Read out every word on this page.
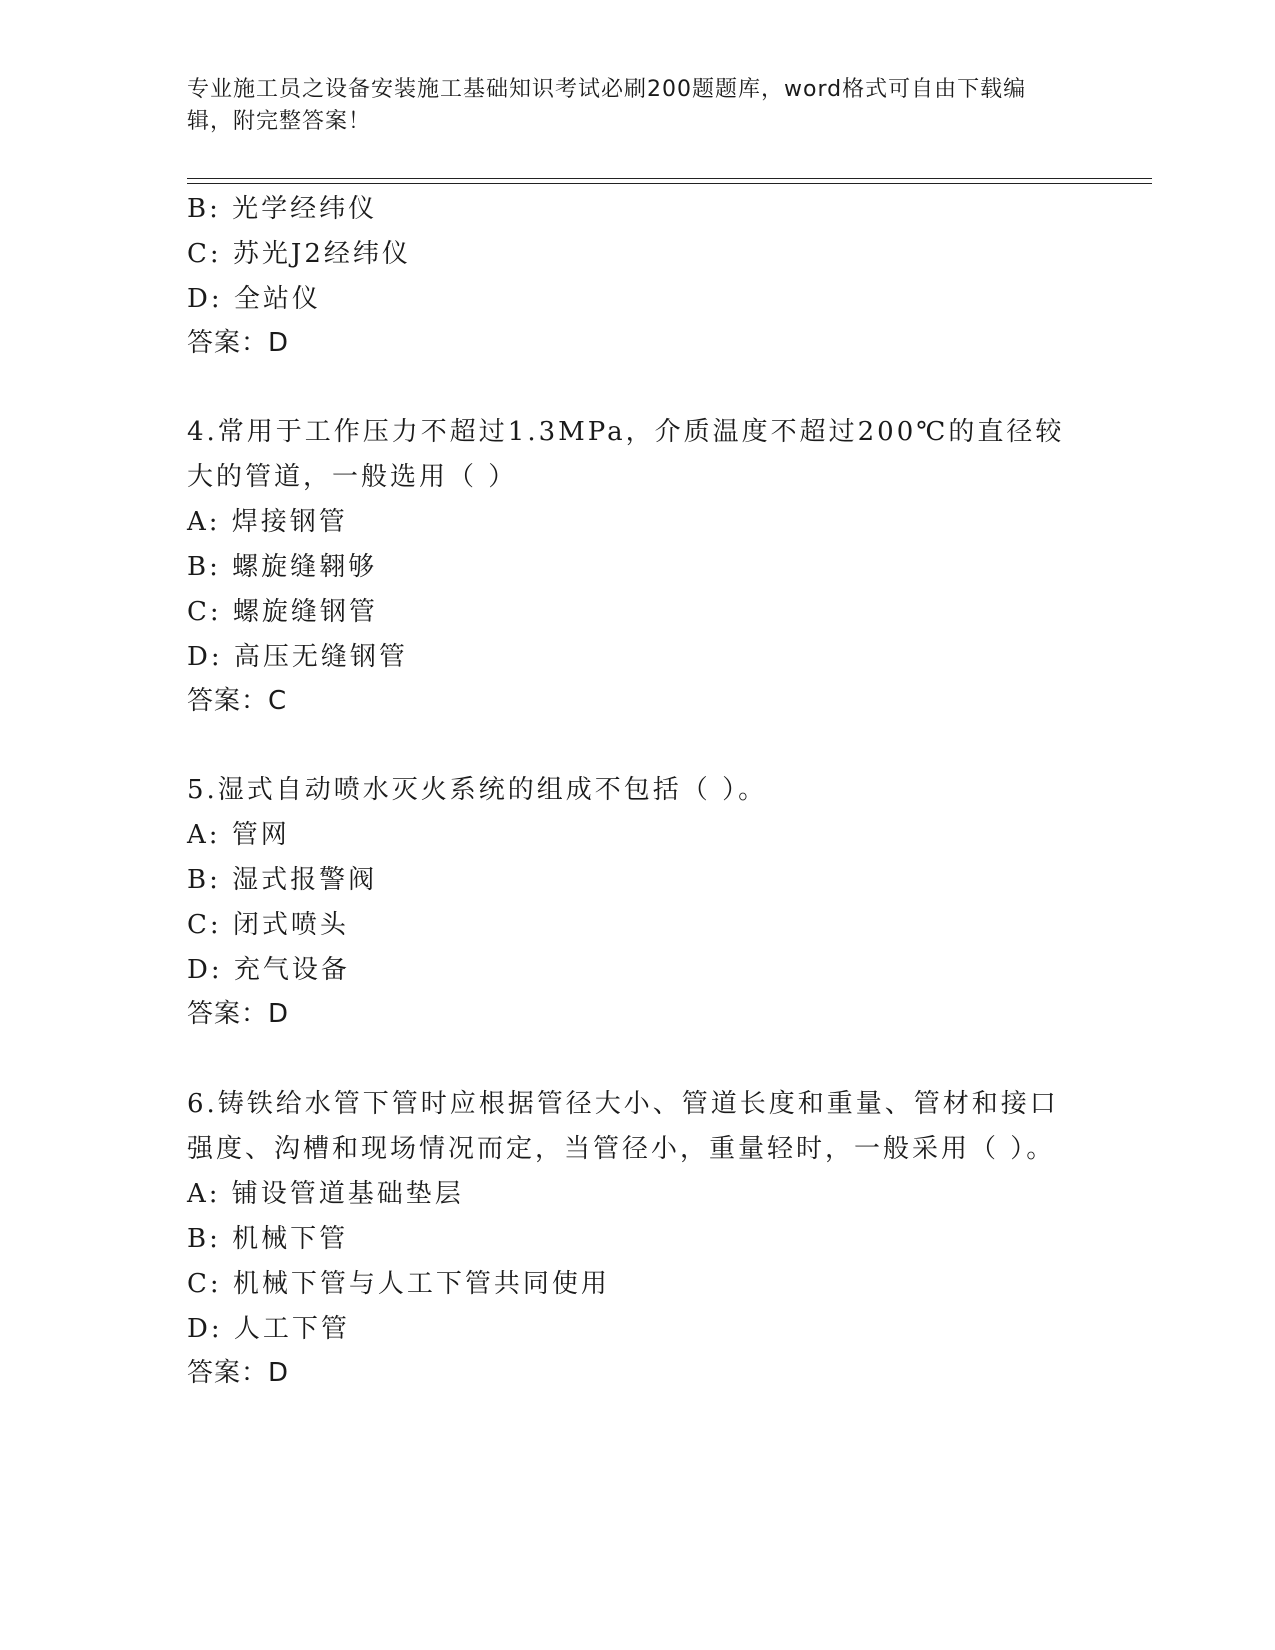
专业施工员之设备安装施工基础知识考试必刷200题题库，word格式可自由下载编辑，附完整答案！
B: 光学经纬仪
C: 苏光J2经纬仪
D: 全站仪
答案：D
4.常用于工作压力不超过1.3MPa，介质温度不超过200℃的直径较大的管道，一般选用（ ）
A: 焊接钢管
B: 螺旋缝翱够
C: 螺旋缝钢管
D: 高压无缝钢管
答案：C
5.湿式自动喷水灭火系统的组成不包括（ ）。
A: 管网
B: 湿式报警阀
C: 闭式喷头
D: 充气设备
答案：D
6.铸铁给水管下管时应根据管径大小、管道长度和重量、管材和接口强度、沟槽和现场情况而定，当管径小，重量轻时，一般采用（ ）。
A: 铺设管道基础垫层
B: 机械下管
C: 机械下管与人工下管共同使用
D: 人工下管
答案：D
